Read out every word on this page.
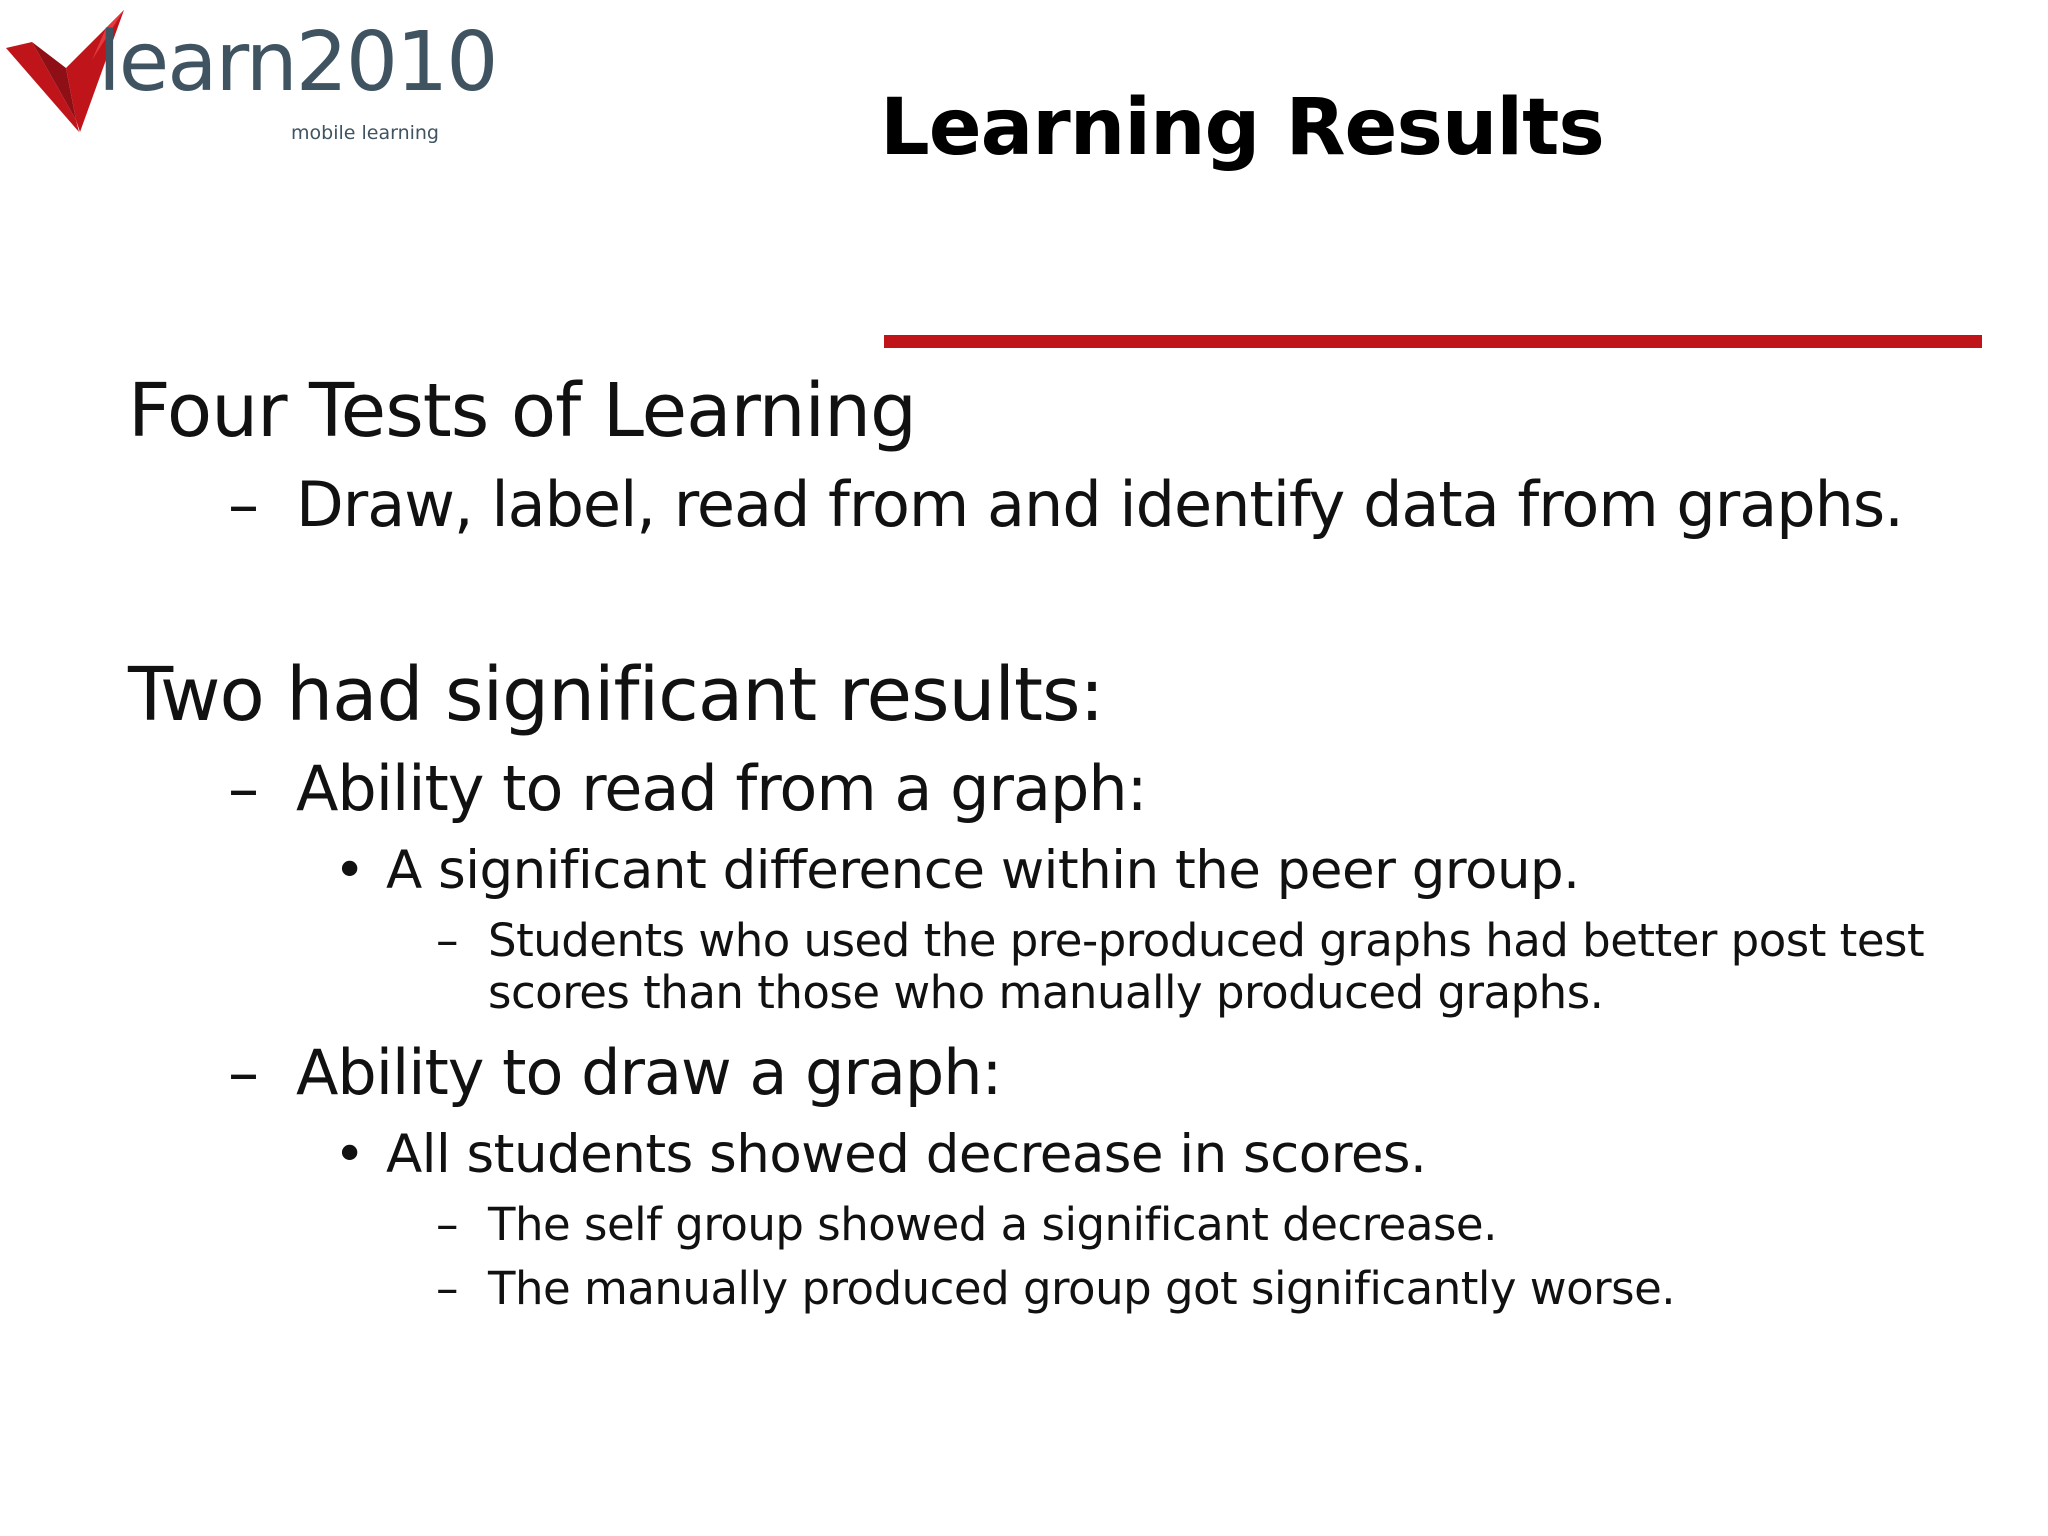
learn2010
mobile learning	Learning Results
Four Tests of Learning
– Draw, label, read from and identify data from graphs.
Two had significant results:
– Ability to read from a graph:
• A significant difference within the peer group.
– Students who used the pre-produced graphs had better post test
scores than those who manually produced graphs.
– Ability to draw a graph:
• All students showed decrease in scores.
– The self group showed a significant decrease.
– The manually produced group got significantly worse.
